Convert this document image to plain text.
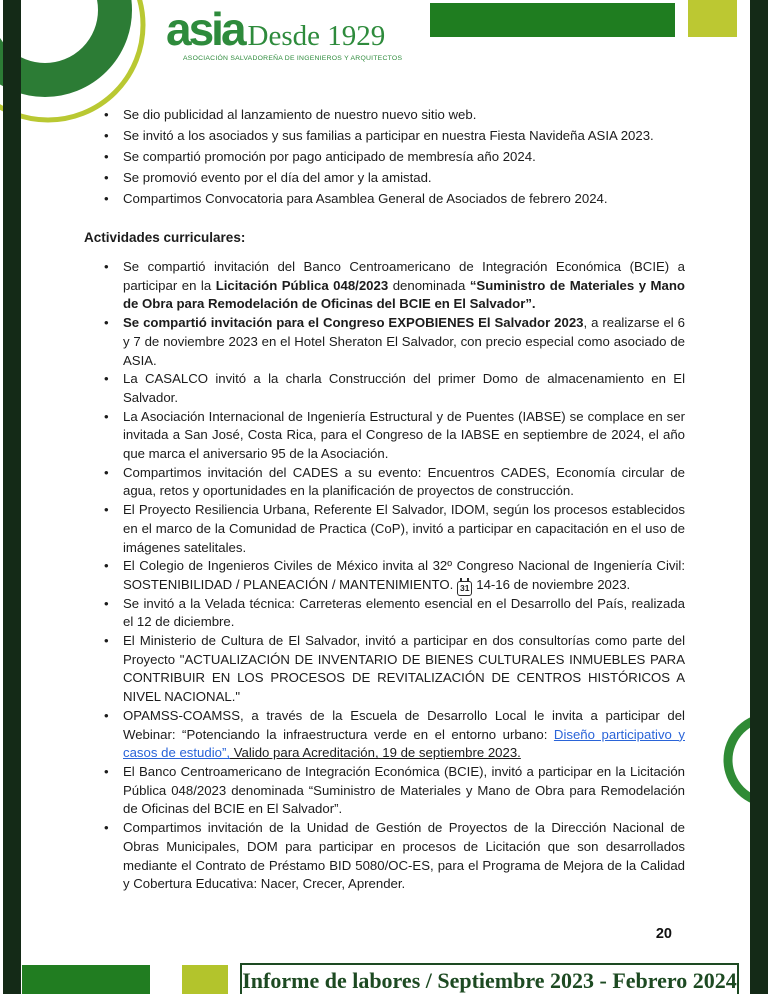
asia Desde 1929
ASOCIACIÓN SALVADOREÑA DE INGENIEROS Y ARQUITECTOS
• Se dio publicidad al lanzamiento de nuestro nuevo sitio web.
• Se invitó a los asociados y sus familias a participar en nuestra Fiesta Navideña ASIA 2023.
• Se compartió promoción por pago anticipado de membresía año 2024.
• Se promovió evento por el día del amor y la amistad.
• Compartimos Convocatoria para Asamblea General de Asociados de febrero 2024.
Actividades curriculares:
• Se compartió invitación del Banco Centroamericano de Integración Económica (BCIE) a participar en la Licitación Pública 048/2023 denominada “Suministro de Materiales y Mano de Obra para Remodelación de Oficinas del BCIE en El Salvador”.
• Se compartió invitación para el Congreso EXPOBIENES El Salvador 2023, a realizarse el 6 y 7 de noviembre 2023 en el Hotel Sheraton El Salvador, con precio especial como asociado de ASIA.
• La CASALCO invitó a la charla Construcción del primer Domo de almacenamiento en El Salvador.
• La Asociación Internacional de Ingeniería Estructural y de Puentes (IABSE) se complace en ser invitada a San José, Costa Rica, para el Congreso de la IABSE en septiembre de 2024, el año que marca el aniversario 95 de la Asociación.
• Compartimos invitación del CADES a su evento: Encuentros CADES, Economía circular de agua, retos y oportunidades en la planificación de proyectos de construcción.
• El Proyecto Resiliencia Urbana, Referente El Salvador, IDOM, según los procesos establecidos en el marco de la Comunidad de Practica (CoP), invitó a participar en capacitación en el uso de imágenes satelitales.
• El Colegio de Ingenieros Civiles de México invita al 32º Congreso Nacional de Ingeniería Civil: SOSTENIBILIDAD / PLANEACIÓN / MANTENIMIENTO. 31 14-16 de noviembre 2023.
• Se invitó a la Velada técnica: Carreteras elemento esencial en el Desarrollo del País, realizada el 12 de diciembre.
• El Ministerio de Cultura de El Salvador, invitó a participar en dos consultorías como parte del Proyecto "ACTUALIZACIÓN DE INVENTARIO DE BIENES CULTURALES INMUEBLES PARA CONTRIBUIR EN LOS PROCESOS DE REVITALIZACIÓN DE CENTROS HISTÓRICOS A NIVEL NACIONAL."
• OPAMSS-COAMSS, a través de la Escuela de Desarrollo Local le invita a participar del Webinar: “Potenciando la infraestructura verde en el entorno urbano: Diseño participativo y casos de estudio”, Valido para Acreditación, 19 de septiembre 2023.
• El Banco Centroamericano de Integración Económica (BCIE), invitó a participar en la Licitación Pública 048/2023 denominada “Suministro de Materiales y Mano de Obra para Remodelación de Oficinas del BCIE en El Salvador”.
• Compartimos invitación de la Unidad de Gestión de Proyectos de la Dirección Nacional de Obras Municipales, DOM para participar en procesos de Licitación que son desarrollados mediante el Contrato de Préstamo BID 5080/OC-ES, para el Programa de Mejora de la Calidad y Cobertura Educativa: Nacer, Crecer, Aprender.
20
Informe de labores / Septiembre 2023 - Febrero 2024
